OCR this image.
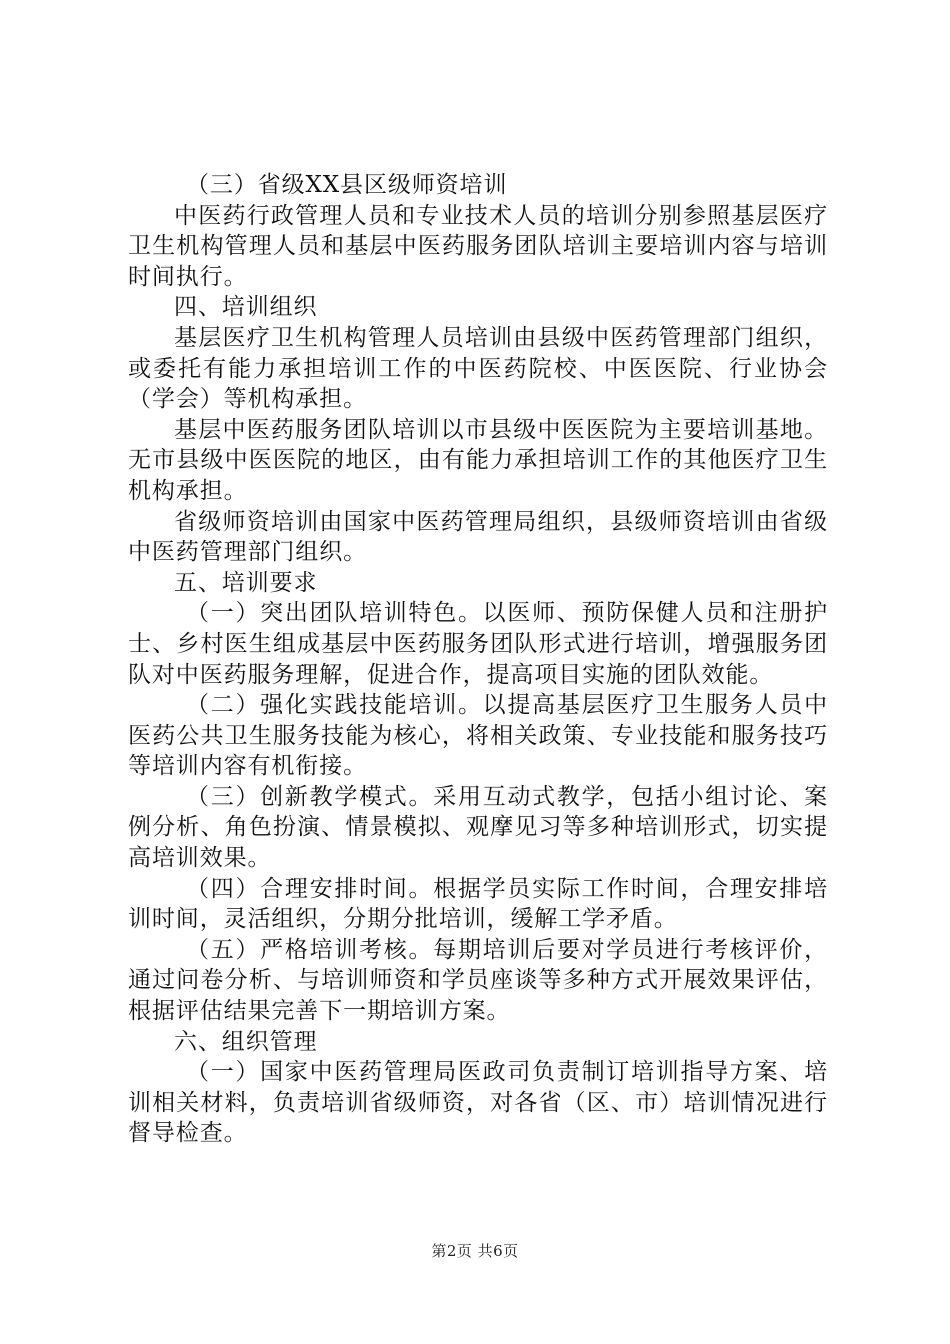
（三）省级XX县区级师资培训

中医药行政管理人员和专业技术人员的培训分别参照基层医疗卫生机构管理人员和基层中医药服务团队培训主要培训内容与培训时间执行。

四、培训组织

基层医疗卫生机构管理人员培训由县级中医药管理部门组织，或委托有能力承担培训工作的中医药院校、中医医院、行业协会（学会）等机构承担。

基层中医药服务团队培训以市县级中医医院为主要培训基地。无市县级中医医院的地区，由有能力承担培训工作的其他医疗卫生机构承担。

省级师资培训由国家中医药管理局组织，县级师资培训由省级中医药管理部门组织。

五、培训要求

（一）突出团队培训特色。以医师、预防保健人员和注册护士、乡村医生组成基层中医药服务团队形式进行培训，增强服务团队对中医药服务理解，促进合作，提高项目实施的团队效能。

（二）强化实践技能培训。以提高基层医疗卫生服务人员中医药公共卫生服务技能为核心，将相关政策、专业技能和服务技巧等培训内容有机衔接。

（三）创新教学模式。采用互动式教学，包括小组讨论、案例分析、角色扮演、情景模拟、观摩见习等多种培训形式，切实提高培训效果。

（四）合理安排时间。根据学员实际工作时间，合理安排培训时间，灵活组织，分期分批培训，缓解工学矛盾。

（五）严格培训考核。每期培训后要对学员进行考核评价，通过问卷分析、与培训师资和学员座谈等多种方式开展效果评估，根据评估结果完善下一期培训方案。

六、组织管理

（一）国家中医药管理局医政司负责制订培训指导方案、培训相关材料，负责培训省级师资，对各省（区、市）培训情况进行督导检查。

第2页 共6页
